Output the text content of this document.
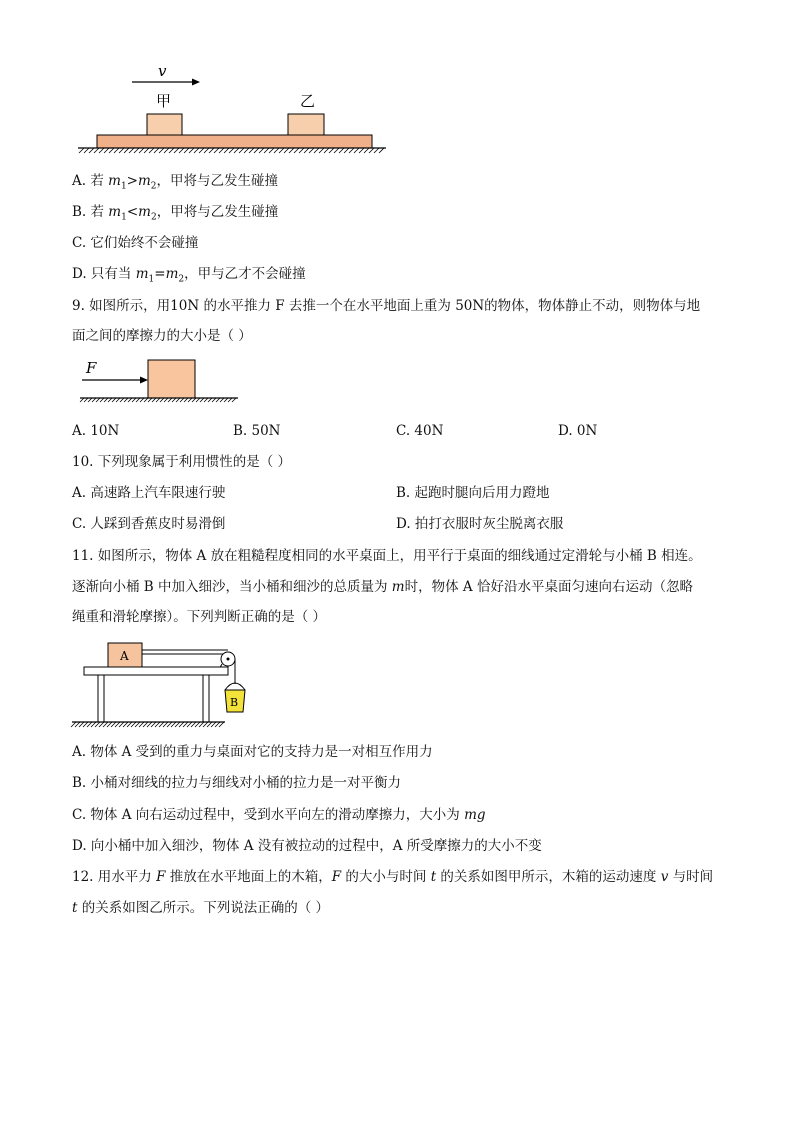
v
甲	乙
A. 若 $m_1>m_2$，甲将与乙发生碰撞
B. 若 $m_1<m_2$，甲将与乙发生碰撞
C. 它们始终不会碰撞
D. 只有当 $m_1=m_2$，甲与乙才不会碰撞
9. 如图所示，用10N 的水平推力 F 去推一个在水平地面上重为 50N的物体，物体静止不动，则物体与地
面之间的摩擦力的大小是（ ）
F
A. 10N	B. 50N	C. 40N	D. 0N
10. 下列现象属于利用惯性的是（ ）
A. 高速路上汽车限速行驶	B. 起跑时腿向后用力蹬地
C. 人踩到香蕉皮时易滑倒	D. 拍打衣服时灰尘脱离衣服
11. 如图所示，物体 A 放在粗糙程度相同的水平桌面上，用平行于桌面的细线通过定滑轮与小桶 B 相连。
逐渐向小桶 B 中加入细沙，当小桶和细沙的总质量为 m时，物体 A 恰好沿水平桌面匀速向右运动（忽略
绳重和滑轮摩擦）。下列判断正确的是（ ）
A
B
A. 物体 A 受到的重力与桌面对它的支持力是一对相互作用力
B. 小桶对细线的拉力与细线对小桶的拉力是一对平衡力
C. 物体 A 向右运动过程中，受到水平向左的滑动摩擦力，大小为 mg
D. 向小桶中加入细沙，物体 A 没有被拉动的过程中，A 所受摩擦力的大小不变
12. 用水平力 F 推放在水平地面上的木箱，F 的大小与时间 t 的关系如图甲所示，木箱的运动速度 v 与时间
t 的关系如图乙所示。下列说法正确的（ ）
